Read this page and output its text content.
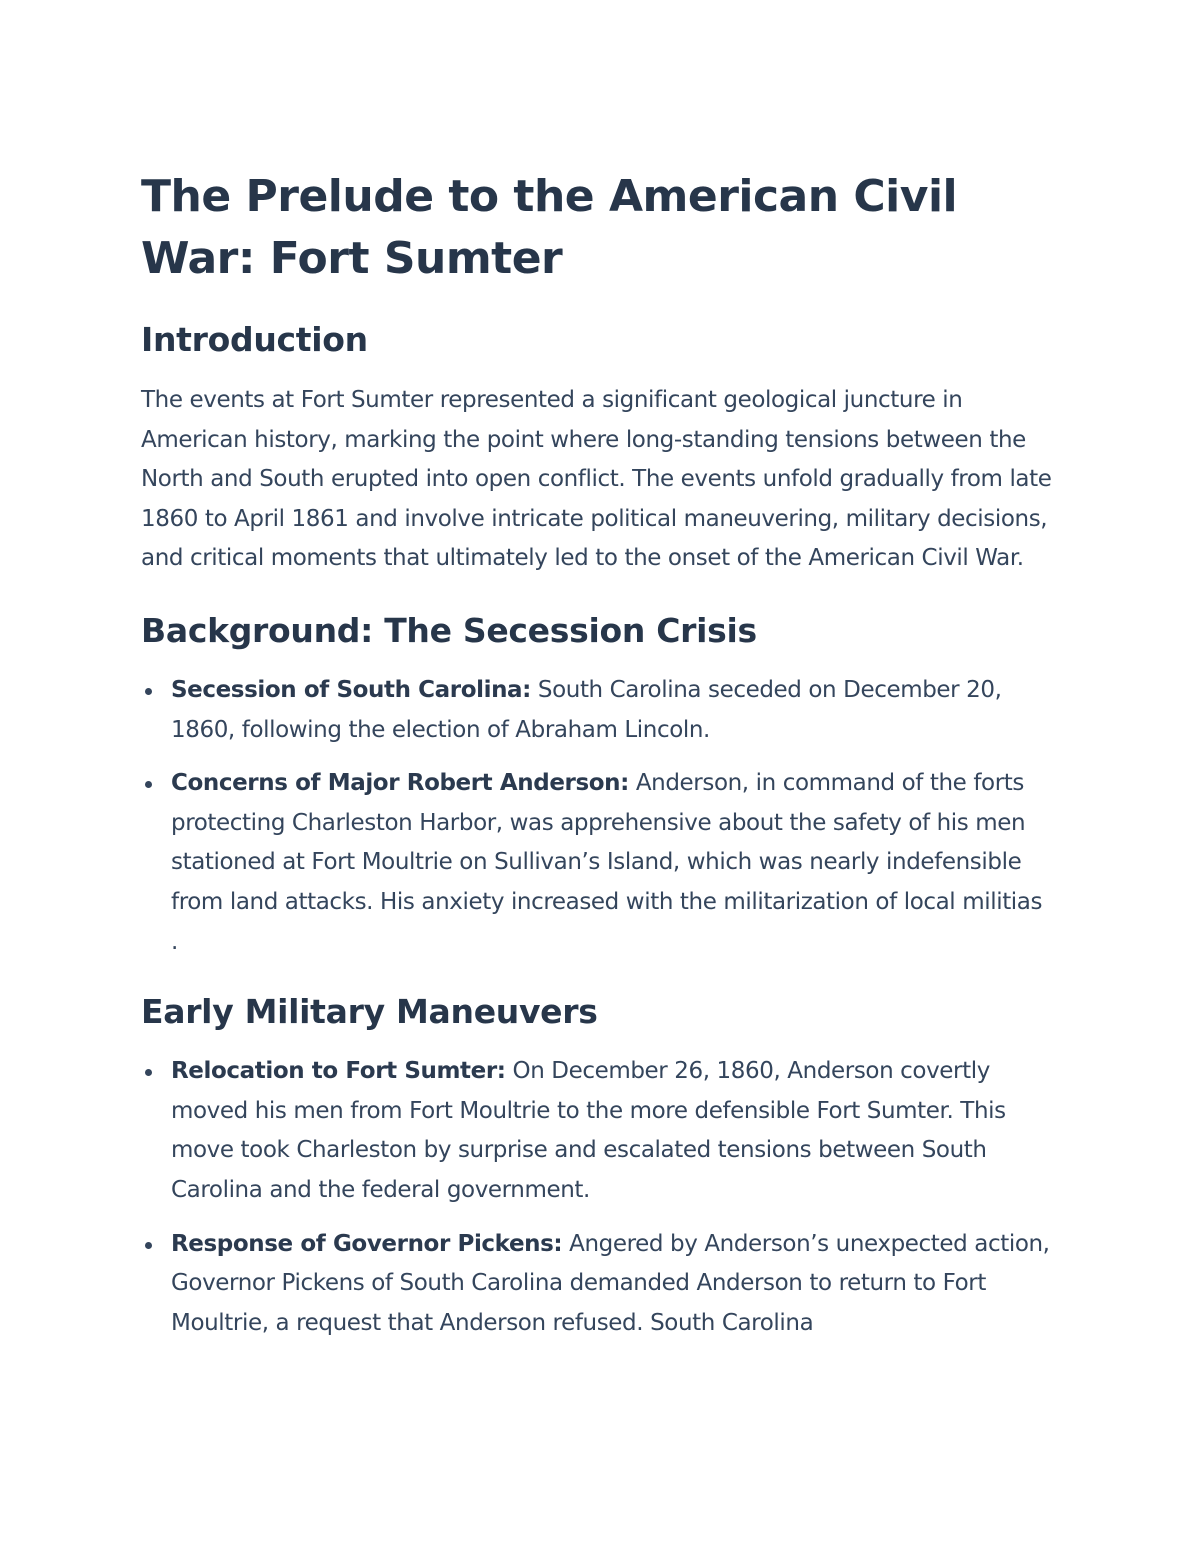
The Prelude to the American Civil War: Fort Sumter
Introduction

The events at Fort Sumter represented a significant geological juncture in American history, marking the point where long-standing tensions between the North and South erupted into open conflict. The events unfold gradually from late 1860 to April 1861 and involve intricate political maneuvering, military decisions, and critical moments that ultimately led to the onset of the American Civil War.

Background: The Secession Crisis
Secession of South Carolina: South Carolina seceded on December 20, 1860, following the election of Abraham Lincoln.
Concerns of Major Robert Anderson: Anderson, in command of the forts protecting Charleston Harbor, was apprehensive about the safety of his men stationed at Fort Moultrie on Sullivan’s Island, which was nearly indefensible from land attacks. His anxiety increased with the militarization of local militias .
Early Military Maneuvers
Relocation to Fort Sumter: On December 26, 1860, Anderson covertly moved his men from Fort Moultrie to the more defensible Fort Sumter. This move took Charleston by surprise and escalated tensions between South Carolina and the federal government.
Response of Governor Pickens: Angered by Anderson’s unexpected action, Governor Pickens of South Carolina demanded Anderson to return to Fort Moultrie, a request that Anderson refused. South Carolina
